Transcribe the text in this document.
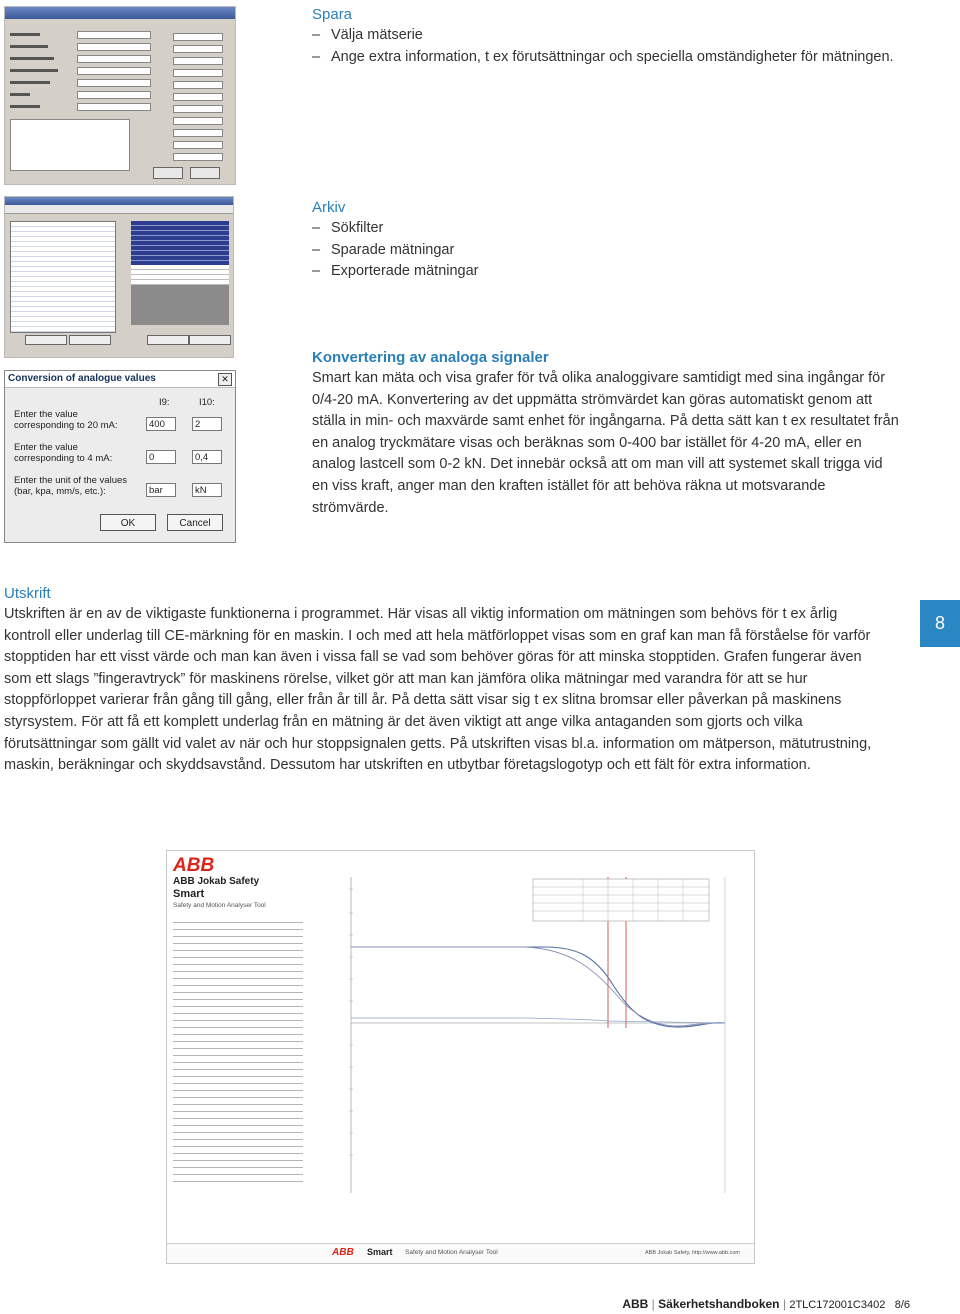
Spara
– Välja mätserie
– Ange extra information, t ex förutsättningar och speciella omständigheter för mätningen.
Arkiv
– Sökfilter
– Sparade mätningar
– Exporterade mätningar
Conversion of analogue values	✕
I9:	I10:
Enter the value corresponding to 20 mA:	400	2
Enter the value corresponding to 4 mA:	0	0,4
Enter the unit of the values (bar, kpa, mm/s, etc.):	bar	kN
OK	Cancel
Konvertering av analoga signaler

Smart kan mäta och visa grafer för två olika analoggivare samtidigt med sina ingångar för 0/4-20 mA. Konvertering av det uppmätta strömvärdet kan göras automatiskt genom att ställa in min- och maxvärde samt enhet för ingångarna. På detta sätt kan t ex resultatet från en analog tryckmätare visas och beräknas som 0-400 bar istället för 4-20 mA, eller en analog lastcell som 0-2 kN. Det innebär också att om man vill att systemet skall trigga vid en viss kraft, anger man den kraften istället för att behöva räkna ut motsvarande strömvärde.

Utskrift

Utskriften är en av de viktigaste funktionerna i programmet. Här visas all viktig information om mätningen som behövs för t ex årlig kontroll eller underlag till CE-märkning för en maskin. I och med att hela mätförloppet visas som en graf kan man få förståelse för varför stopptiden har ett visst värde och man kan även i vissa fall se vad som behöver göras för att minska stopptiden. Grafen fungerar även som ett slags ”fingeravtryck” för maskinens rörelse, vilket gör att man kan jämföra olika mätningar med varandra för att se hur stoppförloppet varierar från gång till gång, eller från år till år. På detta sätt visar sig t ex slitna bromsar eller påverkan på maskinens styrsystem. För att få ett komplett underlag från en mätning är det även viktigt att ange vilka antaganden som gjorts och vilka förutsättningar som gällt vid valet av när och hur stoppsignalen getts. På utskriften visas bl.a. information om mätperson, mätutrustning, maskin, beräkningar och skyddsavstånd. Dessutom har utskriften en utbytbar företagslogotyp och ett fält för extra information.

8
ABB
ABB Jokab Safety
Smart
Safety and Motion Analyser Tool
ABB Smart Safety and Motion Analyser Tool	ABB Jokab Safety, http://www.abb.com
ABB | Säkerhetshandboken | 2TLC172001C3402 8/6
